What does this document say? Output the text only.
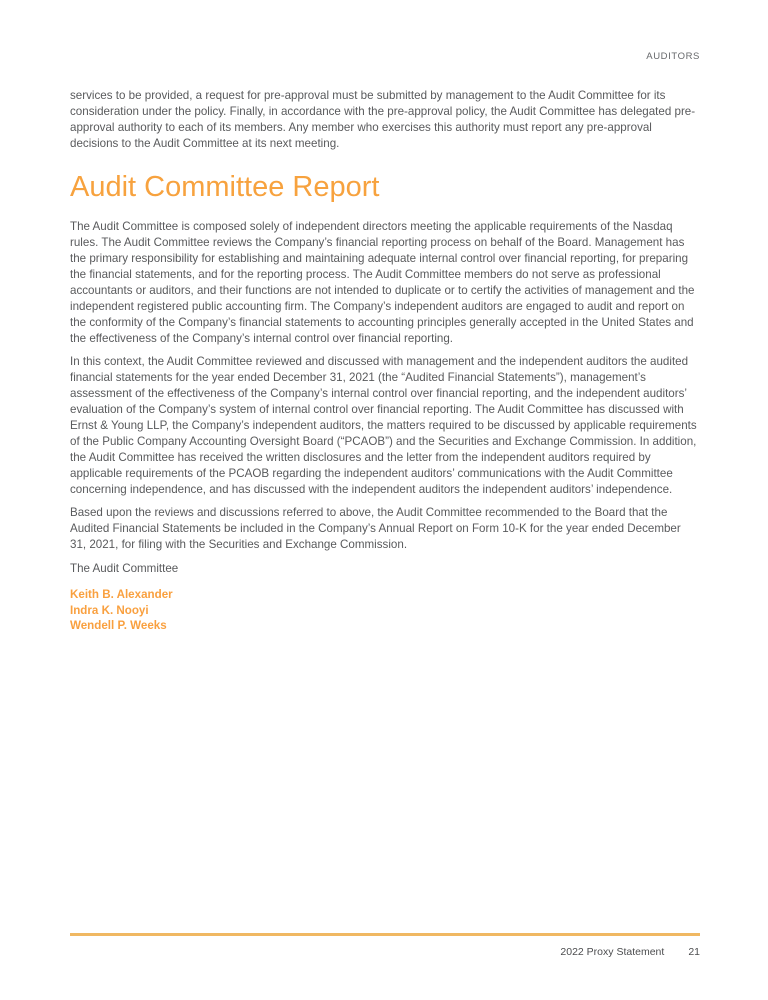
AUDITORS

services to be provided, a request for pre-approval must be submitted by management to the Audit Committee for its consideration under the policy. Finally, in accordance with the pre-approval policy, the Audit Committee has delegated pre-approval authority to each of its members. Any member who exercises this authority must report any pre-approval decisions to the Audit Committee at its next meeting.

Audit Committee Report

The Audit Committee is composed solely of independent directors meeting the applicable requirements of the Nasdaq rules. The Audit Committee reviews the Company’s financial reporting process on behalf of the Board. Management has the primary responsibility for establishing and maintaining adequate internal control over financial reporting, for preparing the financial statements, and for the reporting process. The Audit Committee members do not serve as professional accountants or auditors, and their functions are not intended to duplicate or to certify the activities of management and the independent registered public accounting firm. The Company’s independent auditors are engaged to audit and report on the conformity of the Company’s financial statements to accounting principles generally accepted in the United States and the effectiveness of the Company’s internal control over financial reporting.

In this context, the Audit Committee reviewed and discussed with management and the independent auditors the audited financial statements for the year ended December 31, 2021 (the “Audited Financial Statements”), management’s assessment of the effectiveness of the Company’s internal control over financial reporting, and the independent auditors’ evaluation of the Company’s system of internal control over financial reporting. The Audit Committee has discussed with Ernst & Young LLP, the Company’s independent auditors, the matters required to be discussed by applicable requirements of the Public Company Accounting Oversight Board (“PCAOB”) and the Securities and Exchange Commission. In addition, the Audit Committee has received the written disclosures and the letter from the independent auditors required by applicable requirements of the PCAOB regarding the independent auditors’ communications with the Audit Committee concerning independence, and has discussed with the independent auditors the independent auditors’ independence.

Based upon the reviews and discussions referred to above, the Audit Committee recommended to the Board that the Audited Financial Statements be included in the Company’s Annual Report on Form 10-K for the year ended December 31, 2021, for filing with the Securities and Exchange Commission.

The Audit Committee

Keith B. Alexander
Indra K. Nooyi
Wendell P. Weeks
2022 Proxy Statement 21
